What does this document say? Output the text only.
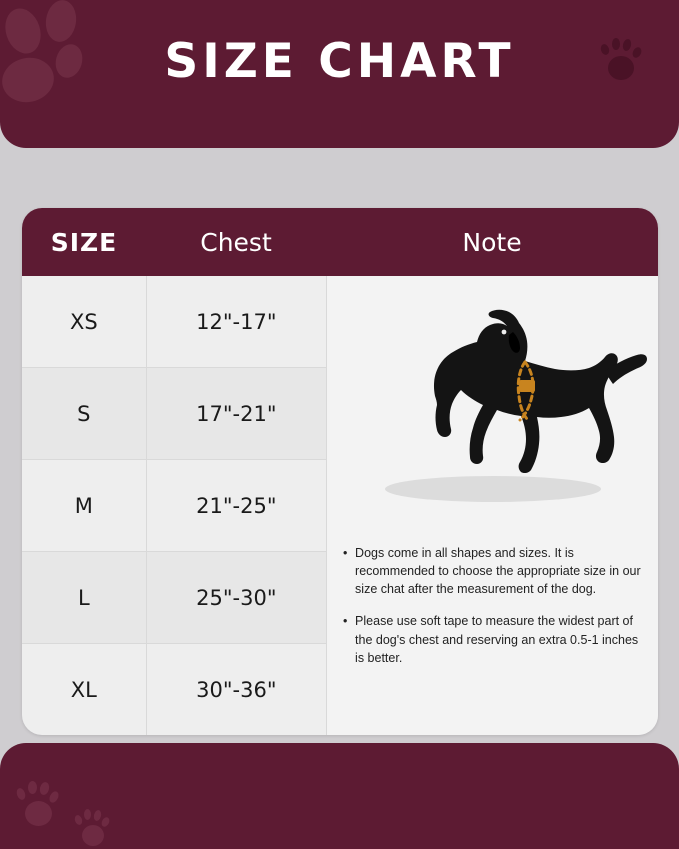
SIZE CHART
SIZE	Chest	Note
XS
S
M
L
XL
12"-17"
17"-21"
21"-25"
25"-30"
30"-36"
• Dogs come in all shapes and sizes. It is recommended to choose the appropriate size in our size chat after the measurement of the dog.
• Please use soft tape to measure the widest part of the dog's chest and reserving an extra 0.5-1 inches is better.
